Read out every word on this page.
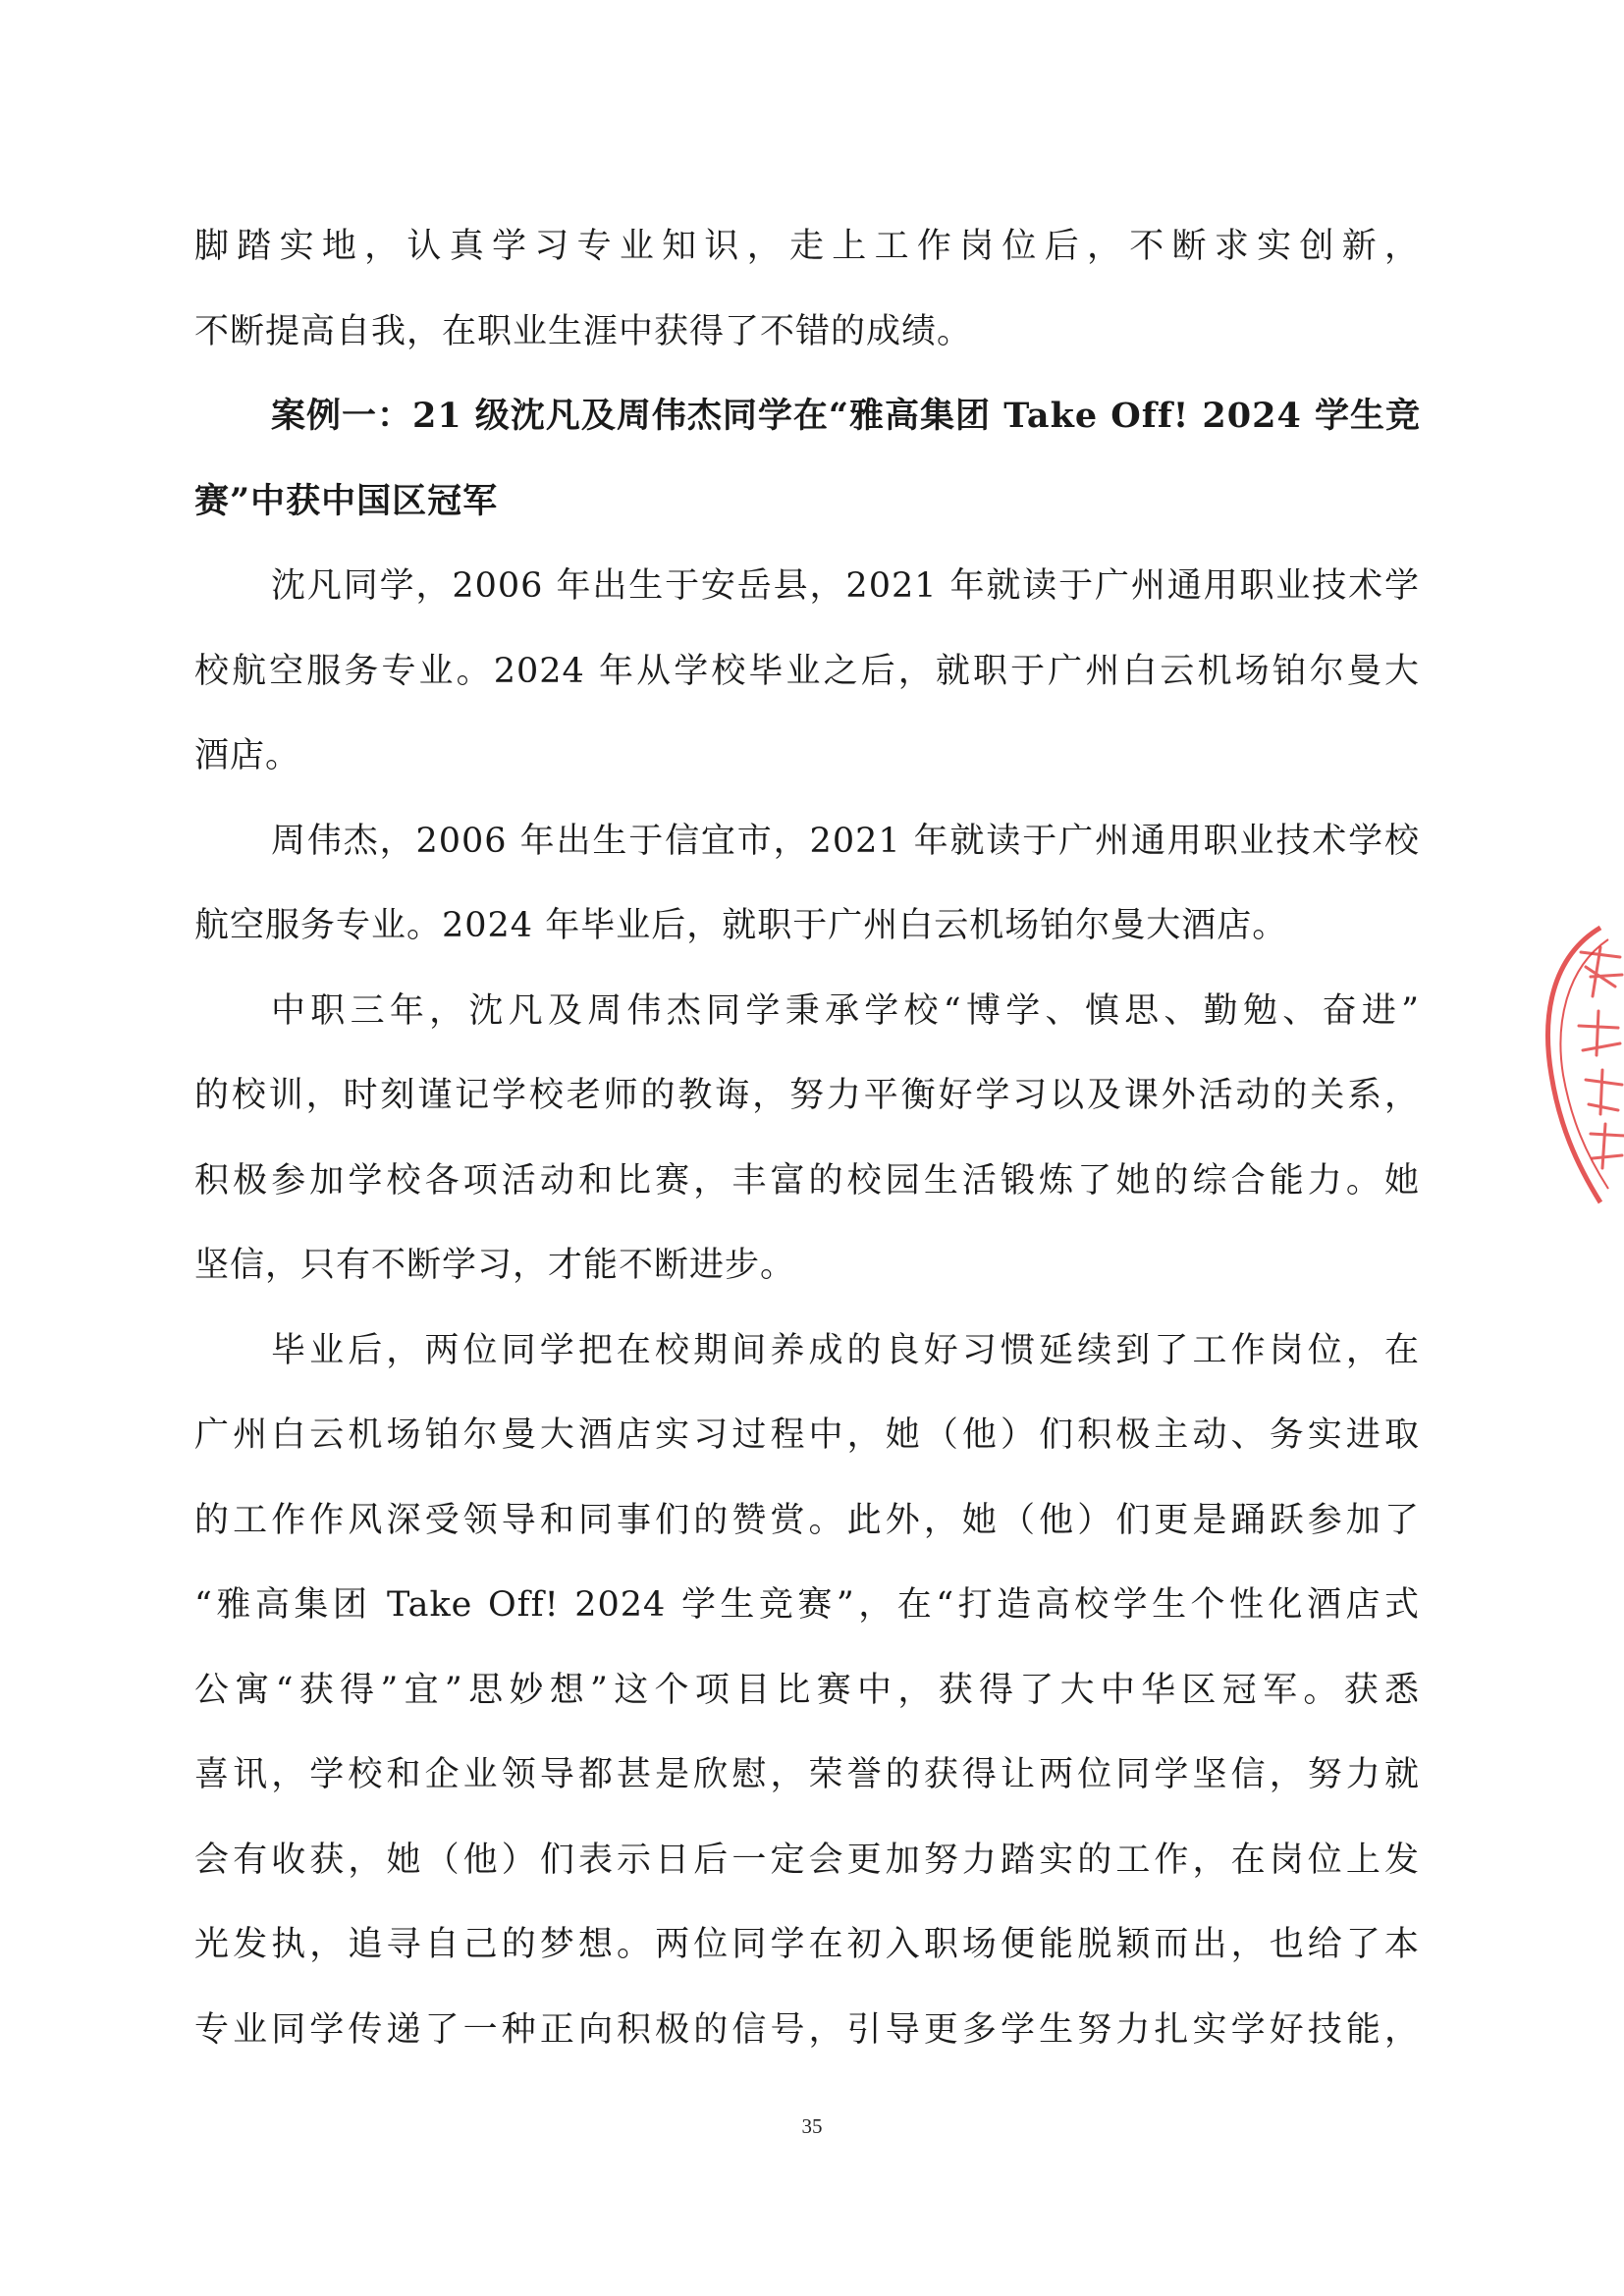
脚踏实地，认真学习专业知识，走上工作岗位后，不断求实创新，
不断提高自我，在职业生涯中获得了不错的成绩。

案例一：21 级沈凡及周伟杰同学在“雅高集团 Take Off! 2024 学生竞
赛”中获中国区冠军

沈凡同学，2006 年出生于安岳县，2021 年就读于广州通用职业技术学
校航空服务专业。2024 年从学校毕业之后，就职于广州白云机场铂尔曼大
酒店。

周伟杰，2006 年出生于信宜市，2021 年就读于广州通用职业技术学校
航空服务专业。2024 年毕业后，就职于广州白云机场铂尔曼大酒店。

中职三年，沈凡及周伟杰同学秉承学校“博学、慎思、勤勉、奋进”
的校训，时刻谨记学校老师的教诲，努力平衡好学习以及课外活动的关系，
积极参加学校各项活动和比赛，丰富的校园生活锻炼了她的综合能力。她
坚信，只有不断学习，才能不断进步。

毕业后，两位同学把在校期间养成的良好习惯延续到了工作岗位，在
广州白云机场铂尔曼大酒店实习过程中，她（他）们积极主动、务实进取
的工作作风深受领导和同事们的赞赏。此外，她（他）们更是踊跃参加了
“雅高集团 Take Off! 2024 学生竞赛”，在“打造高校学生个性化酒店式
公寓“获得”宜”思妙想”这个项目比赛中，获得了大中华区冠军。获悉
喜讯，学校和企业领导都甚是欣慰，荣誉的获得让两位同学坚信，努力就
会有收获，她（他）们表示日后一定会更加努力踏实的工作，在岗位上发
光发执，追寻自己的梦想。两位同学在初入职场便能脱颖而出，也给了本
专业同学传递了一种正向积极的信号，引导更多学生努力扎实学好技能，

35
